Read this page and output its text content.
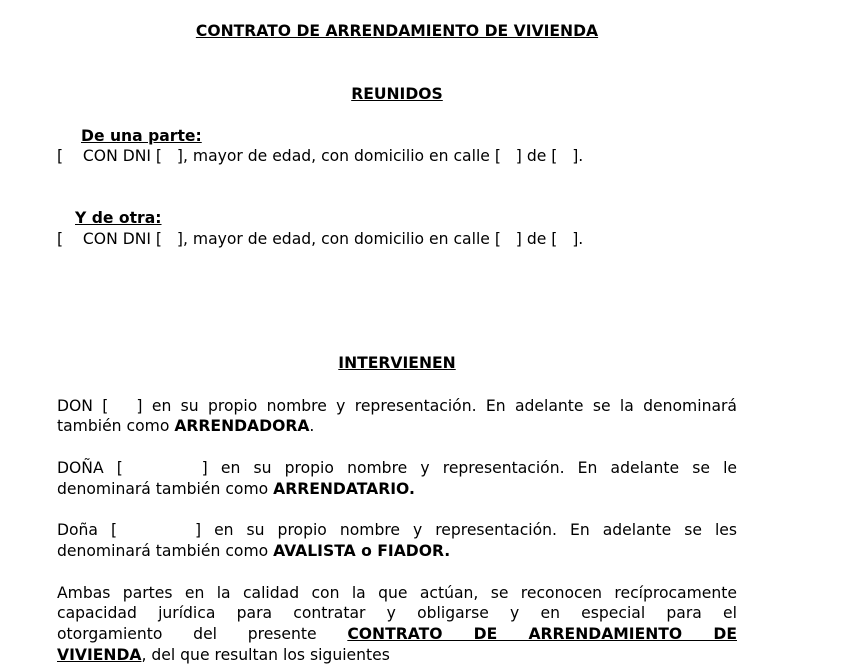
CONTRATO DE ARRENDAMIENTO DE VIVIENDA
REUNIDOS
De una parte:
[    CON DNI [   ], mayor de edad, con domicilio en calle [   ] de [   ].
Y de otra:
[    CON DNI [   ], mayor de edad, con domicilio en calle [   ] de [   ].
INTERVIENEN
DON [   ] en su propio nombre y representación. En adelante se la denominará
también como ARRENDADORA.
DOÑA [      ] en su propio nombre y representación. En adelante se le
denominará también como ARRENDATARIO.
Doña [      ] en su propio nombre y representación. En adelante se les
denominará también como AVALISTA o FIADOR.
Ambas partes en la calidad con la que actúan, se reconocen recíprocamente
capacidad jurídica para contratar y obligarse y en especial para el
otorgamiento del presente CONTRATO DE ARRENDAMIENTO DE
VIVIENDA, del que resultan los siguientes
